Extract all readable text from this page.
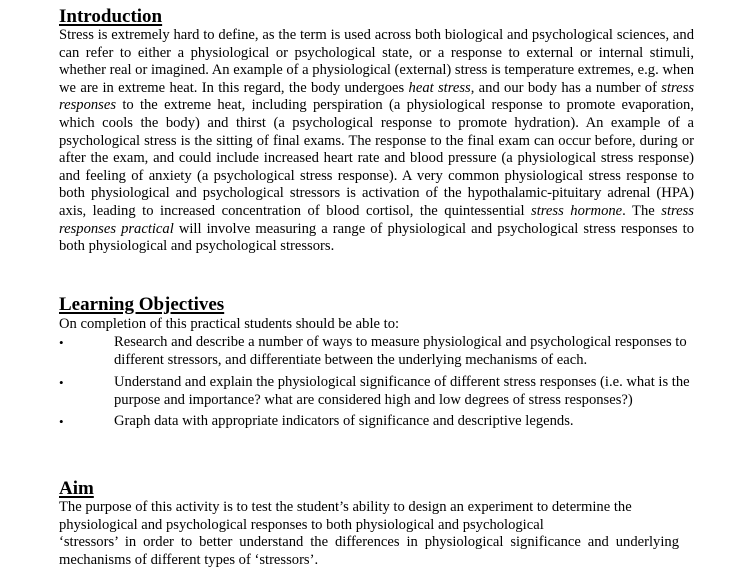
Introduction
Stress is extremely hard to define, as the term is used across both biological and psychological sciences, and can refer to either a physiological or psychological state, or a response to external or internal stimuli, whether real or imagined. An example of a physiological (external) stress is temperature extremes, e.g. when we are in extreme heat. In this regard, the body undergoes heat stress, and our body has a number of stress responses to the extreme heat, including perspiration (a physiological response to promote evaporation, which cools the body) and thirst (a psychological response to promote hydration). An example of a psychological stress is the sitting of final exams. The response to the final exam can occur before, during or after the exam, and could include increased heart rate and blood pressure (a physiological stress response) and feeling of anxiety (a psychological stress response). A very common physiological stress response to both physiological and psychological stressors is activation of the hypothalamic-pituitary adrenal (HPA) axis, leading to increased concentration of blood cortisol, the quintessential stress hormone. The stress responses practical will involve measuring a range of physiological and psychological stress responses to both physiological and psychological stressors.
Learning Objectives
On completion of this practical students should be able to:
•	Research and describe a number of ways to measure physiological and psychological responses to different stressors, and differentiate between the underlying mechanisms of each.
•	Understand and explain the physiological significance of different stress responses (i.e. what is the purpose and importance? what are considered high and low degrees of stress responses?)
•	Graph data with appropriate indicators of significance and descriptive legends.
Aim
The purpose of this activity is to test the student’s ability to design an experiment to determine the physiological and psychological responses to both physiological and psychological
‘stressors’ in order to better understand the differences in physiological significance and underlying mechanisms of different types of ‘stressors’.
